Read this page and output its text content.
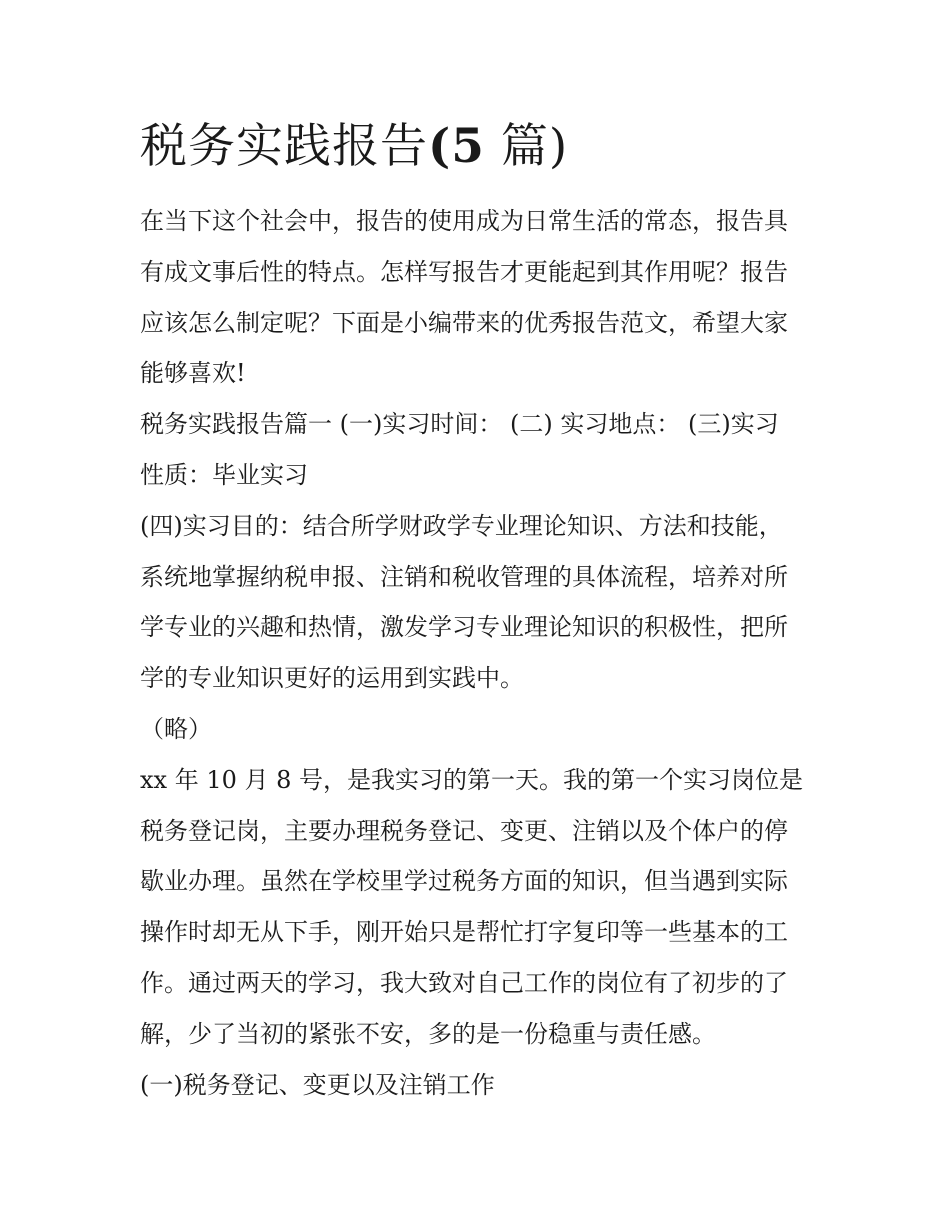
税务实践报告(5 篇)

在当下这个社会中，报告的使用成为日常生活的常态，报告具
有成文事后性的特点。怎样写报告才更能起到其作用呢？报告
应该怎么制定呢？下面是小编带来的优秀报告范文，希望大家
能够喜欢!

税务实践报告篇一 (一)实习时间： (二) 实习地点： (三)实习
性质：毕业实习

(四)实习目的：结合所学财政学专业理论知识、方法和技能，
系统地掌握纳税申报、注销和税收管理的具体流程，培养对所
学专业的兴趣和热情，激发学习专业理论知识的积极性，把所
学的专业知识更好的运用到实践中。

（略）

xx 年 10 月 8 号，是我实习的第一天。我的第一个实习岗位是
税务登记岗，主要办理税务登记、变更、注销以及个体户的停
歇业办理。虽然在学校里学过税务方面的知识，但当遇到实际
操作时却无从下手，刚开始只是帮忙打字复印等一些基本的工
作。通过两天的学习，我大致对自己工作的岗位有了初步的了
解，少了当初的紧张不安，多的是一份稳重与责任感。

(一)税务登记、变更以及注销工作
